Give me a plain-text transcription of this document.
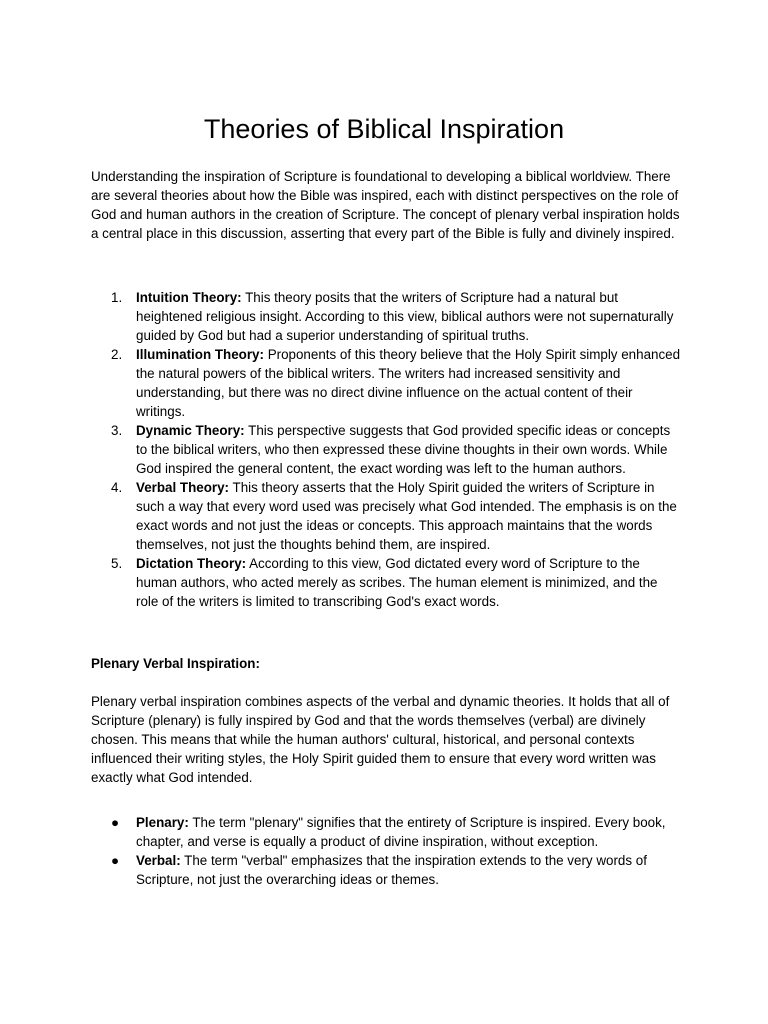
Theories of Biblical Inspiration

Understanding the inspiration of Scripture is foundational to developing a biblical worldview. There are several theories about how the Bible was inspired, each with distinct perspectives on the role of God and human authors in the creation of Scripture. The concept of plenary verbal inspiration holds a central place in this discussion, asserting that every part of the Bible is fully and divinely inspired.

1. Intuition Theory: This theory posits that the writers of Scripture had a natural but heightened religious insight. According to this view, biblical authors were not supernaturally guided by God but had a superior understanding of spiritual truths.
2. Illumination Theory: Proponents of this theory believe that the Holy Spirit simply enhanced the natural powers of the biblical writers. The writers had increased sensitivity and understanding, but there was no direct divine influence on the actual content of their writings.
3. Dynamic Theory: This perspective suggests that God provided specific ideas or concepts to the biblical writers, who then expressed these divine thoughts in their own words. While God inspired the general content, the exact wording was left to the human authors.
4. Verbal Theory: This theory asserts that the Holy Spirit guided the writers of Scripture in such a way that every word used was precisely what God intended. The emphasis is on the exact words and not just the ideas or concepts. This approach maintains that the words themselves, not just the thoughts behind them, are inspired.
5. Dictation Theory: According to this view, God dictated every word of Scripture to the human authors, who acted merely as scribes. The human element is minimized, and the role of the writers is limited to transcribing God's exact words.

Plenary Verbal Inspiration:

Plenary verbal inspiration combines aspects of the verbal and dynamic theories. It holds that all of Scripture (plenary) is fully inspired by God and that the words themselves (verbal) are divinely chosen. This means that while the human authors' cultural, historical, and personal contexts influenced their writing styles, the Holy Spirit guided them to ensure that every word written was exactly what God intended.

● Plenary: The term "plenary" signifies that the entirety of Scripture is inspired. Every book, chapter, and verse is equally a product of divine inspiration, without exception.
● Verbal: The term "verbal" emphasizes that the inspiration extends to the very words of Scripture, not just the overarching ideas or themes.
